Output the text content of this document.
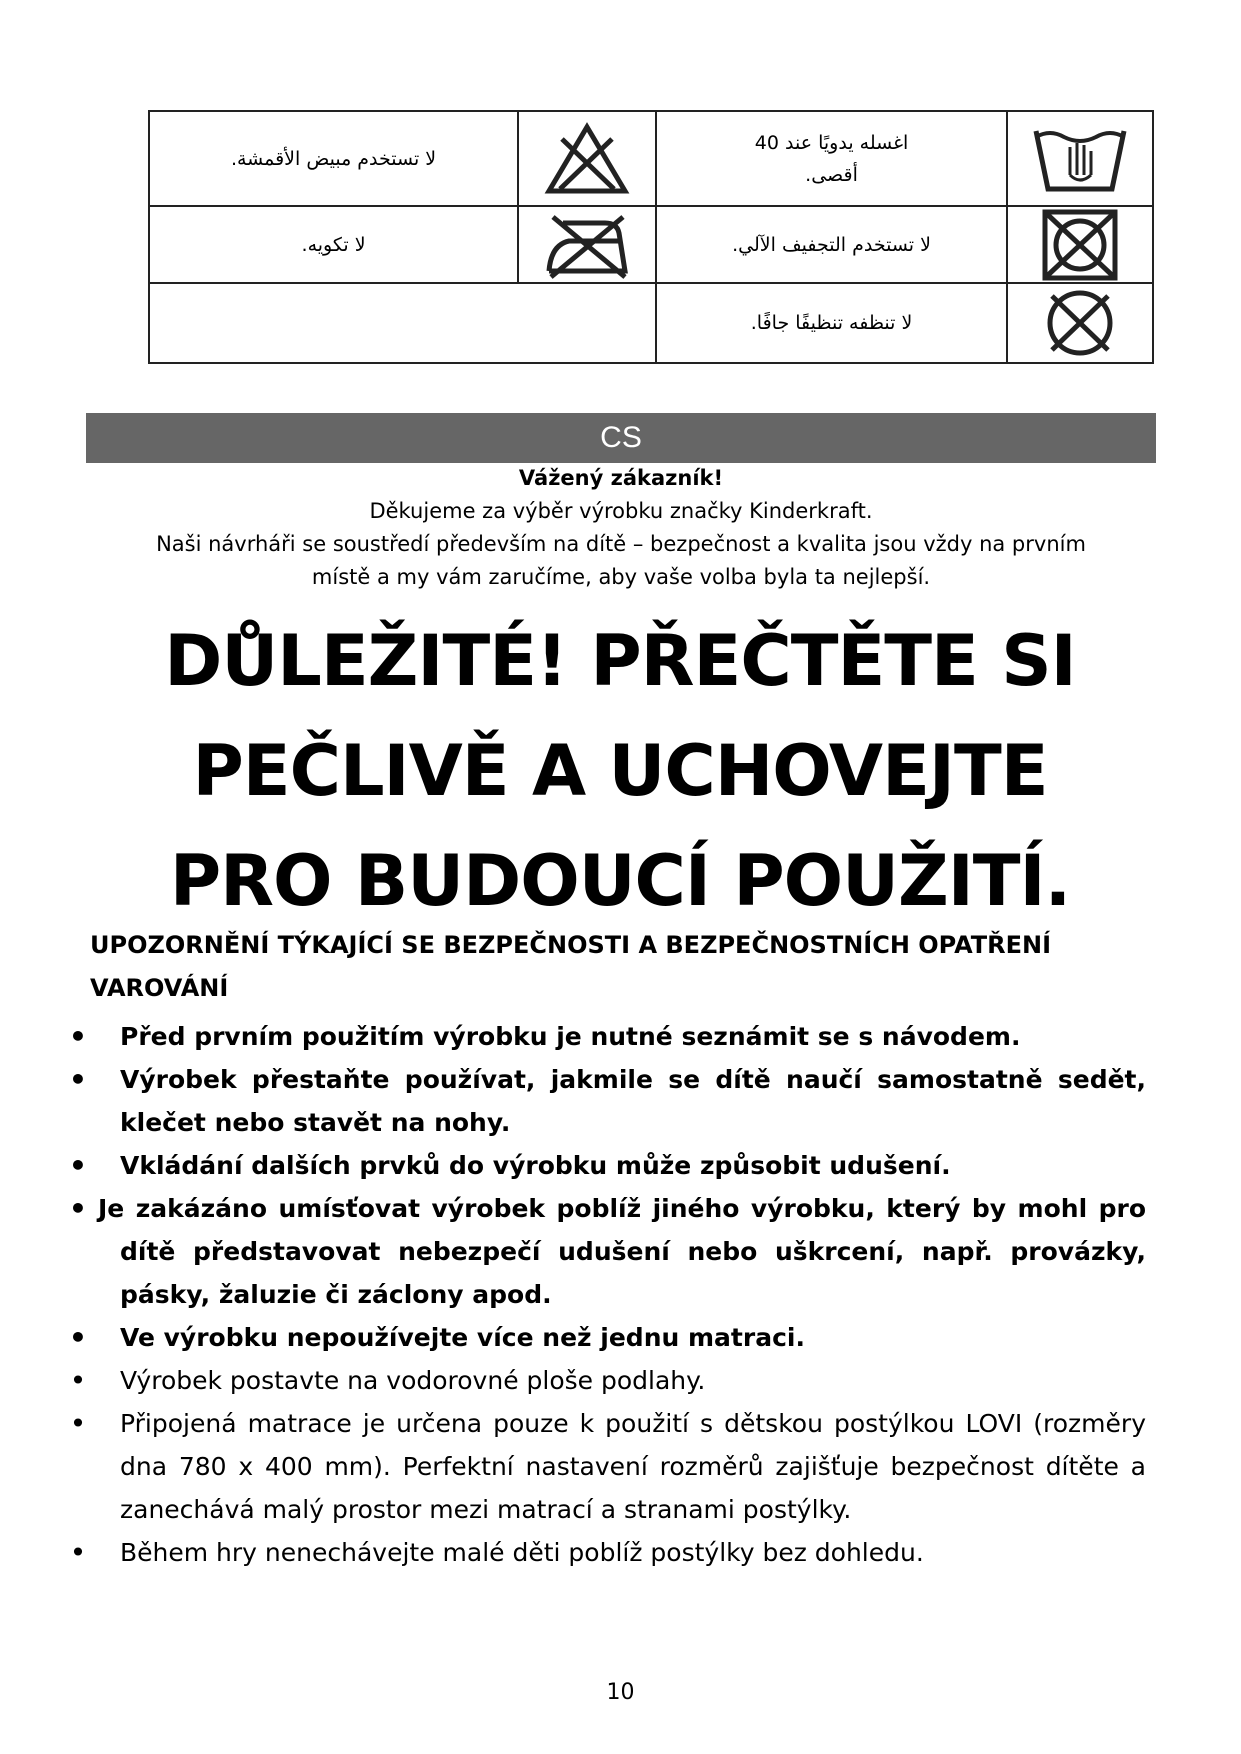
لا تستخدم مبيض الأقمشة.		اغسله يدويًا عند 40
أقصى.

لا تكويه.		لا تستخدم التجفيف الآلي.	

		لا تنظفه تنظيفًا جافًا.	
CS
Vážený zákazník!
Děkujeme za výběr výrobku značky Kinderkraft.
Naši návrháři se soustředí především na dítě – bezpečnost a kvalita jsou vždy na prvním
místě a my vám zaručíme, aby vaše volba byla ta nejlepší.
DŮLEŽITÉ! PŘEČTĚTE SI
PEČLIVĚ A UCHOVEJTE
PRO BUDOUCÍ POUŽITÍ.
UPOZORNĚNÍ TÝKAJÍCÍ SE BEZPEČNOSTI A BEZPEČNOSTNÍCH OPATŘENÍ
VAROVÁNÍ
• Před prvním použitím výrobku je nutné seznámit se s návodem.
• Výrobek přestaňte používat, jakmile se dítě naučí samostatně sedět, klečet nebo stavět na nohy.
• Vkládání dalších prvků do výrobku může způsobit udušení.
• Je zakázáno umísťovat výrobek poblíž jiného výrobku, který by mohl pro dítě představovat nebezpečí udušení nebo uškrcení, např. provázky, pásky, žaluzie či záclony apod.
• Ve výrobku nepoužívejte více než jednu matraci.
• Výrobek postavte na vodorovné ploše podlahy.
• Připojená matrace je určena pouze k použití s dětskou postýlkou LOVI (rozměry dna 780 x 400 mm). Perfektní nastavení rozměrů zajišťuje bezpečnost dítěte a zanechává malý prostor mezi matrací a stranami postýlky.
• Během hry nenechávejte malé děti poblíž postýlky bez dohledu.
10
